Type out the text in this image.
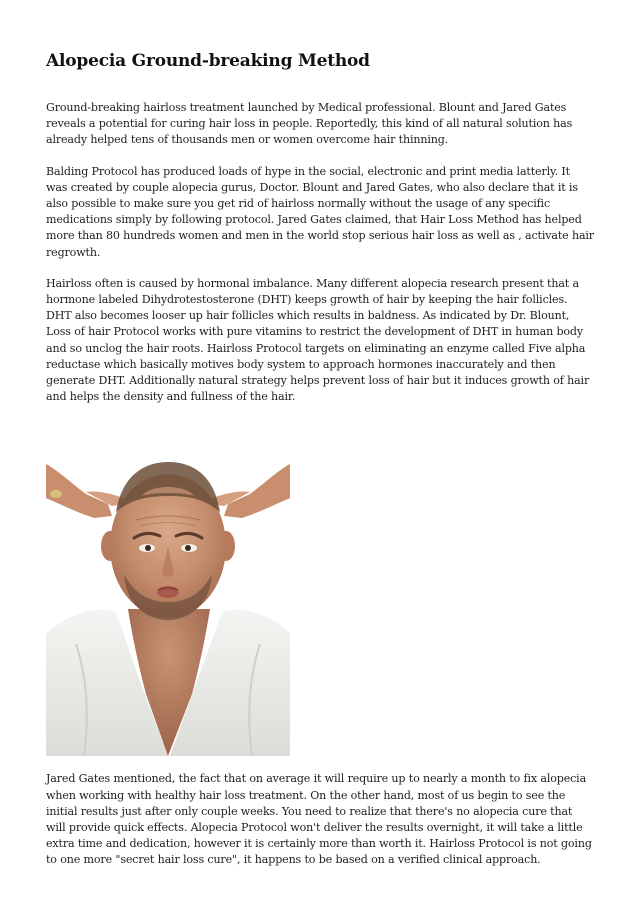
Alopecia Ground-breaking Method

Ground-breaking hairloss treatment launched by Medical professional. Blount and Jared Gates reveals a potential for curing hair loss in people. Reportedly, this kind of all natural solution has already helped tens of thousands men or women overcome hair thinning.

Balding Protocol has produced loads of hype in the social, electronic and print media latterly. It was created by couple alopecia gurus, Doctor. Blount and Jared Gates, who also declare that it is also possible to make sure you get rid of hairloss normally without the usage of any specific medications simply by following protocol. Jared Gates claimed, that Hair Loss Method has helped more than 80 hundreds women and men in the world stop serious hair loss as well as , activate hair regrowth.

Hairloss often is caused by hormonal imbalance. Many different alopecia research present that a hormone labeled Dihydrotestosterone (DHT) keeps growth of hair by keeping the hair follicles. DHT also becomes looser up hair follicles which results in baldness. As indicated by Dr. Blount, Loss of hair Protocol works with pure vitamins to restrict the development of DHT in human body and so unclog the hair roots. Hairloss Protocol targets on eliminating an enzyme called Five alpha reductase which basically motives body system to approach hormones inaccurately and then generate DHT. Additionally natural strategy helps prevent loss of hair but it induces growth of hair and helps the density and fullness of the hair.

Jared Gates mentioned, the fact that on average it will require up to nearly a month to fix alopecia when working with healthy hair loss treatment. On the other hand, most of us begin to see the initial results just after only couple weeks. You need to realize that there's no alopecia cure that will provide quick effects. Alopecia Protocol won't deliver the results overnight, it will take a little extra time and dedication, however it is certainly more than worth it. Hairloss Protocol is not going to one more "secret hair loss cure", it happens to be based on a verified clinical approach.
